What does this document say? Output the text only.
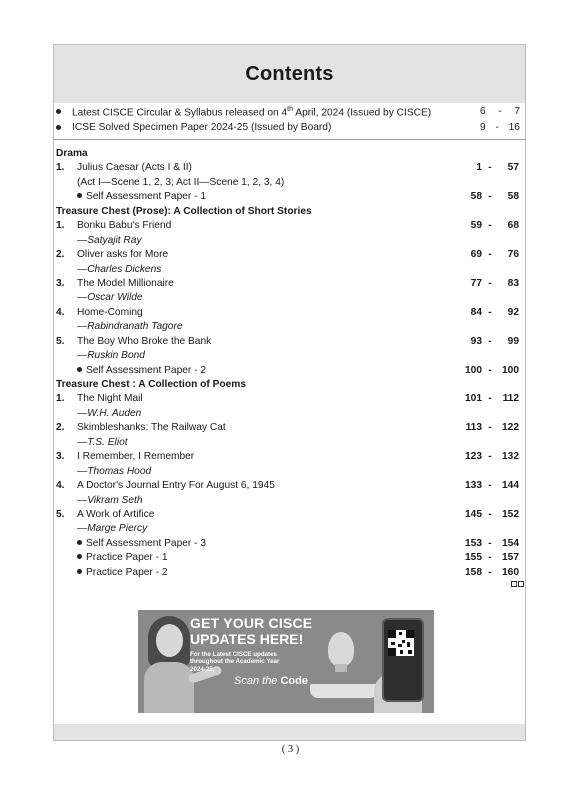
Contents
Latest CISCE Circular & Syllabus released on 4th April, 2024 (Issued by CISCE)	6 - 7
ICSE Solved Specimen Paper 2024-25 (Issued by Board)	9 - 16
Drama
1. Julius Caesar (Acts I & II)	1 -	57
(Act I—Scene 1, 2, 3; Act II—Scene 1, 2, 3, 4)
Self Assessment Paper - 1	58 -	58
Treasure Chest (Prose): A Collection of Short Stories
1. Bonku Babu's Friend	59 -	68
—Satyajit Ray
2. Oliver asks for More	69 -	76
—Charles Dickens
3. The Model Millionaire	77 -	83
—Oscar Wilde
4. Home-Coming	84 -	92
—Rabindranath Tagore
5. The Boy Who Broke the Bank	93 -	99
—Ruskin Bond
Self Assessment Paper - 2	100 -	100
Treasure Chest : A Collection of Poems
1. The Night Mail	101 -	112
—W.H. Auden
2. Skimbleshanks: The Railway Cat	113 -	122
—T.S. Eliot
3. I Remember, I Remember	123 -	132
—Thomas Hood
4. A Doctor's Journal Entry For August 6, 1945	133 -	144
—Vikram Seth
5. A Work of Artifice	145 -	152
—Marge Piercy
Self Assessment Paper - 3	153 -	154
Practice Paper - 1	155 -	157
Practice Paper - 2	158 -	160
GET YOUR CISCE
UPDATES HERE!
For the Latest CISCE updates throughout the Academic Year 2024-25,
Scan the Code
( 3 )
